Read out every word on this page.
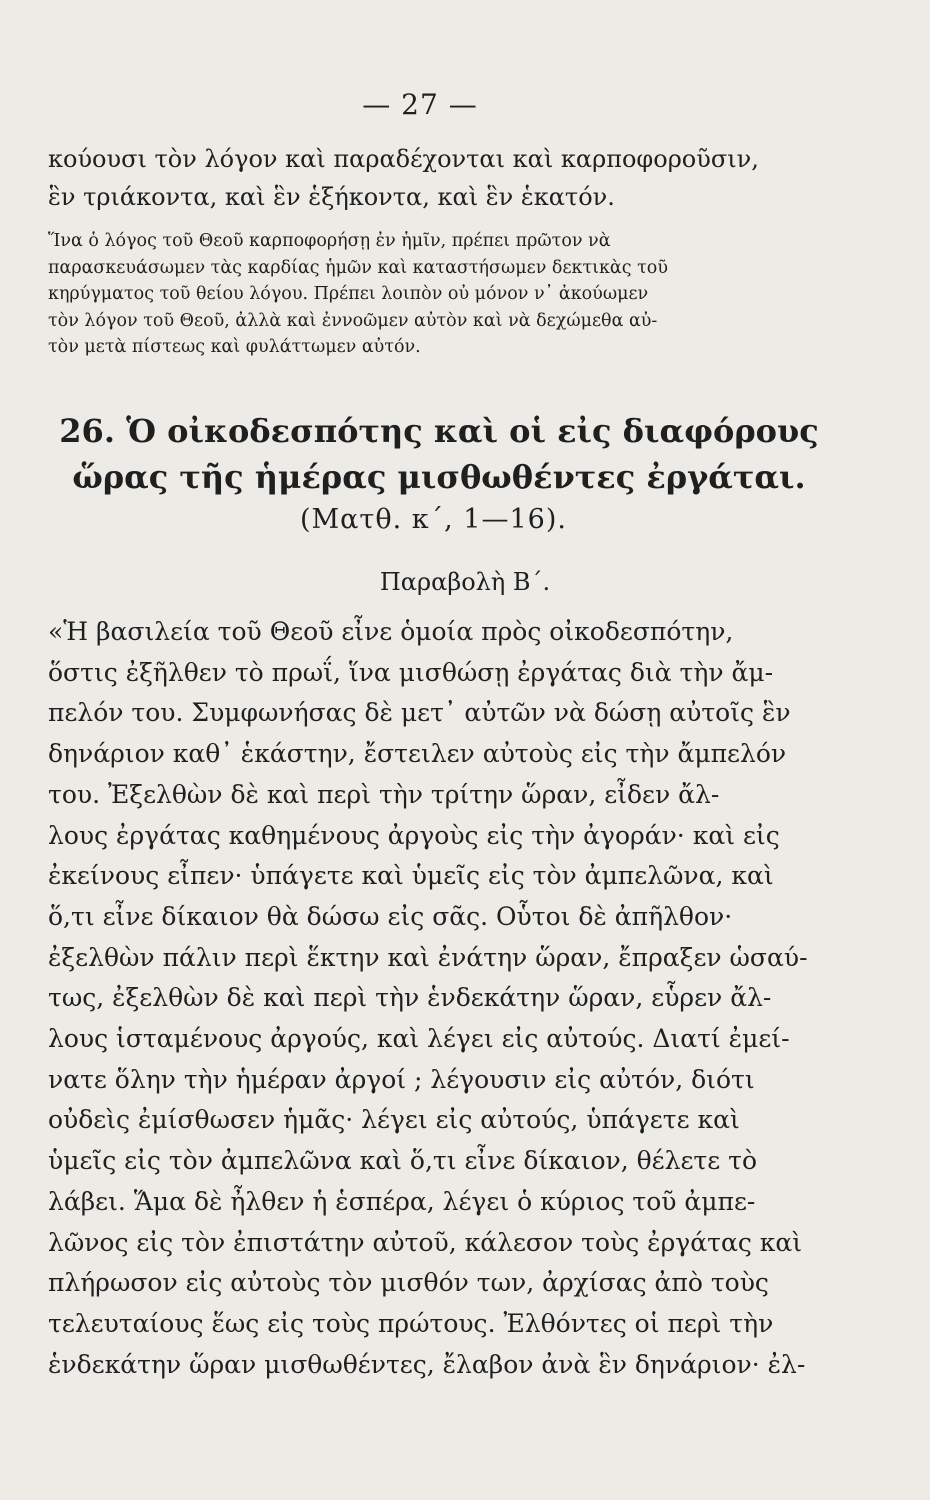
— 27 —

κούουσι τὸν λόγον καὶ παραδέχονται καὶ καρποφοροῦσιν,
ἓν τριάκοντα, καὶ ἓν ἑξήκοντα, καὶ ἓν ἑκατόν.

Ἵνα ὁ λόγος τοῦ Θεοῦ καρποφορήσῃ ἐν ἡμῖν, πρέπει πρῶτον νὰ
παρασκευάσωμεν τὰς καρδίας ἡμῶν καὶ καταστήσωμεν δεκτικὰς τοῦ
κηρύγματος τοῦ θείου λόγου. Πρέπει λοιπὸν οὐ μόνον ν᾽ ἀκούωμεν
τὸν λόγον τοῦ Θεοῦ, ἀλλὰ καὶ ἐννοῶμεν αὐτὸν καὶ νὰ δεχώμεθα αὐ-
τὸν μετὰ πίστεως καὶ φυλάττωμεν αὐτόν.

26. Ὁ οἰκοδεσπότης καὶ οἱ εἰς διαφόρους
ὥρας τῆς ἡμέρας μισθωθέντες ἐργάται.
(Ματθ. κ΄, 1—16).
Παραβολὴ Β΄.

«Ἡ βασιλεία τοῦ Θεοῦ εἶνε ὁμοία πρὸς οἰκοδεσπότην,
ὅστις ἐξῆλθεν τὸ πρωΐ, ἵνα μισθώσῃ ἐργάτας διὰ τὴν ἄμ-
πελόν του. Συμφωνήσας δὲ μετ᾽ αὐτῶν νὰ δώσῃ αὐτοῖς ἓν
δηνάριον καθ᾽ ἑκάστην, ἔστειλεν αὐτοὺς εἰς τὴν ἄμπελόν
του. Ἐξελθὼν δὲ καὶ περὶ τὴν τρίτην ὥραν, εἶδεν ἄλ-
λους ἐργάτας καθημένους ἀργοὺς εἰς τὴν ἀγοράν· καὶ εἰς
ἐκείνους εἶπεν· ὑπάγετε καὶ ὑμεῖς εἰς τὸν ἀμπελῶνα, καὶ
ὅ,τι εἶνε δίκαιον θὰ δώσω εἰς σᾶς. Οὗτοι δὲ ἀπῆλθον·
ἐξελθὼν πάλιν περὶ ἕκτην καὶ ἐνάτην ὥραν, ἔπραξεν ὡσαύ-
τως, ἐξελθὼν δὲ καὶ περὶ τὴν ἑνδεκάτην ὥραν, εὗρεν ἄλ-
λους ἱσταμένους ἀργούς, καὶ λέγει εἰς αὐτούς. Διατί ἐμεί-
νατε ὅλην τὴν ἡμέραν ἀργοί ; λέγουσιν εἰς αὐτόν, διότι
οὐδεὶς ἐμίσθωσεν ἡμᾶς· λέγει εἰς αὐτούς, ὑπάγετε καὶ
ὑμεῖς εἰς τὸν ἀμπελῶνα καὶ ὅ,τι εἶνε δίκαιον, θέλετε τὸ
λάβει. Ἅμα δὲ ἦλθεν ἡ ἑσπέρα, λέγει ὁ κύριος τοῦ ἀμπε-
λῶνος εἰς τὸν ἐπιστάτην αὐτοῦ, κάλεσον τοὺς ἐργάτας καὶ
πλήρωσον εἰς αὐτοὺς τὸν μισθόν των, ἀρχίσας ἀπὸ τοὺς
τελευταίους ἕως εἰς τοὺς πρώτους. Ἐλθόντες οἱ περὶ τὴν
ἑνδεκάτην ὥραν μισθωθέντες, ἔλαβον ἀνὰ ἓν δηνάριον· ἐλ-
